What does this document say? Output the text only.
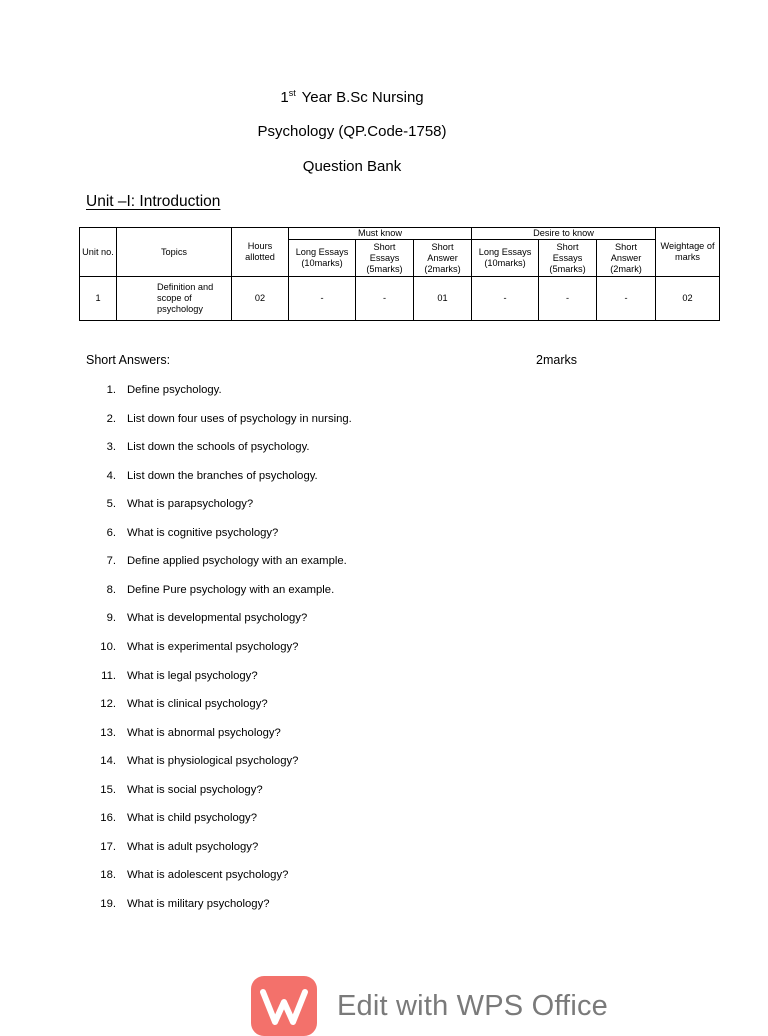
1st Year B.Sc Nursing
Psychology (QP.Code-1758)
Question Bank
Unit –I: Introduction
Unit no.	Topics	Hours allotted	Must know			Desire to know			Weightage of marks
			Long Essays (10marks)	Short Essays (5marks)	Short Answer (2marks)	Long Essays (10marks)	Short Essays (5marks)	Short Answer (2mark)	
1	Definition and scope of psychology	02	-	-	01	-	-	-	02
Short Answers:	2marks
1. Define psychology.
2. List down four uses of psychology in nursing.
3. List down the schools of psychology.
4. List down the branches of psychology.
5. What is parapsychology?
6. What is cognitive psychology?
7. Define applied psychology with an example.
8. Define Pure psychology with an example.
9. What is developmental psychology?
10. What is experimental psychology?
11. What is legal psychology?
12. What is clinical psychology?
13. What is abnormal psychology?
14. What is physiological psychology?
15. What is social psychology?
16. What is child psychology?
17. What is adult psychology?
18. What is adolescent psychology?
19. What is military psychology?
Edit with WPS Office
